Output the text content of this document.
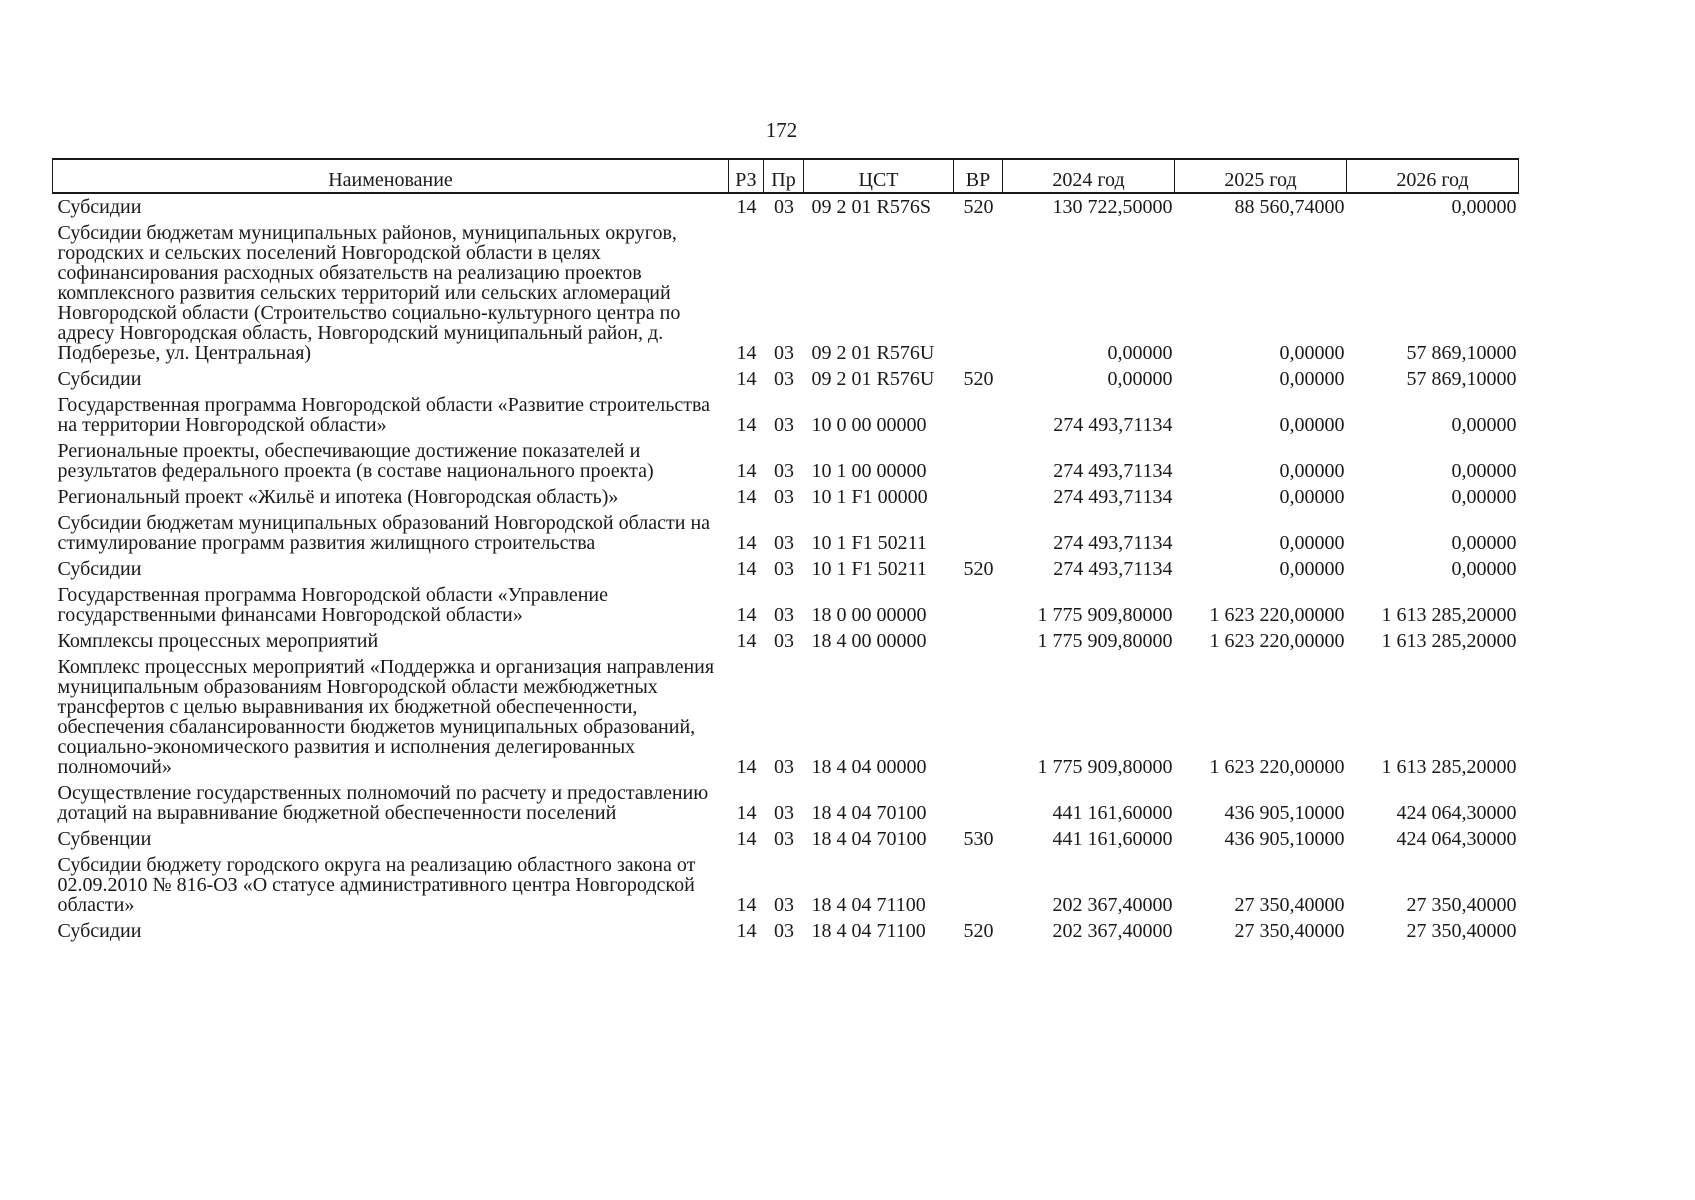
172
Наименование	РЗ	Пр	ЦСТ	ВР	2024 год	2025 год	2026 год
Субсидии	14	03	09 2 01 R576S	520	130 722,50000	88 560,74000	0,00000
Субсидии бюджетам муниципальных районов, муниципальных округов, городских и сельских поселений Новгородской области в целях софинансирования расходных обязательств на реализацию проектов комплексного развития сельских территорий или сельских агломераций Новгородской области (Строительство социально-культурного центра по адресу Новгородская область, Новгородский муниципальный район, д. Подберезье, ул. Центральная)	14	03	09 2 01 R576U		0,00000	0,00000	57 869,10000
Субсидии	14	03	09 2 01 R576U	520	0,00000	0,00000	57 869,10000
Государственная программа Новгородской области «Развитие строительства на территории Новгородской области»	14	03	10 0 00 00000		274 493,71134	0,00000	0,00000
Региональные проекты, обеспечивающие достижение показателей и результатов федерального проекта (в составе национального проекта)	14	03	10 1 00 00000		274 493,71134	0,00000	0,00000
Региональный проект «Жильё и ипотека (Новгородская область)»	14	03	10 1 F1 00000		274 493,71134	0,00000	0,00000
Субсидии бюджетам муниципальных образований Новгородской области на стимулирование программ развития жилищного строительства	14	03	10 1 F1 50211		274 493,71134	0,00000	0,00000
Субсидии	14	03	10 1 F1 50211	520	274 493,71134	0,00000	0,00000
Государственная программа Новгородской области «Управление государственными финансами Новгородской области»	14	03	18 0 00 00000		1 775 909,80000	1 623 220,00000	1 613 285,20000
Комплексы процессных мероприятий	14	03	18 4 00 00000		1 775 909,80000	1 623 220,00000	1 613 285,20000
Комплекс процессных мероприятий «Поддержка и организация направления муниципальным образованиям Новгородской области межбюджетных трансфертов с целью выравнивания их бюджетной обеспеченности, обеспечения сбалансированности бюджетов муниципальных образований, социально-экономического развития и исполнения делегированных полномочий»	14	03	18 4 04 00000		1 775 909,80000	1 623 220,00000	1 613 285,20000
Осуществление государственных полномочий по расчету и предоставлению дотаций на выравнивание бюджетной обеспеченности поселений	14	03	18 4 04 70100		441 161,60000	436 905,10000	424 064,30000
Субвенции	14	03	18 4 04 70100	530	441 161,60000	436 905,10000	424 064,30000
Субсидии бюджету городского округа на реализацию областного закона от 02.09.2010 № 816-ОЗ «О статусе административного центра Новгородской области»	14	03	18 4 04 71100		202 367,40000	27 350,40000	27 350,40000
Субсидии	14	03	18 4 04 71100	520	202 367,40000	27 350,40000	27 350,40000
